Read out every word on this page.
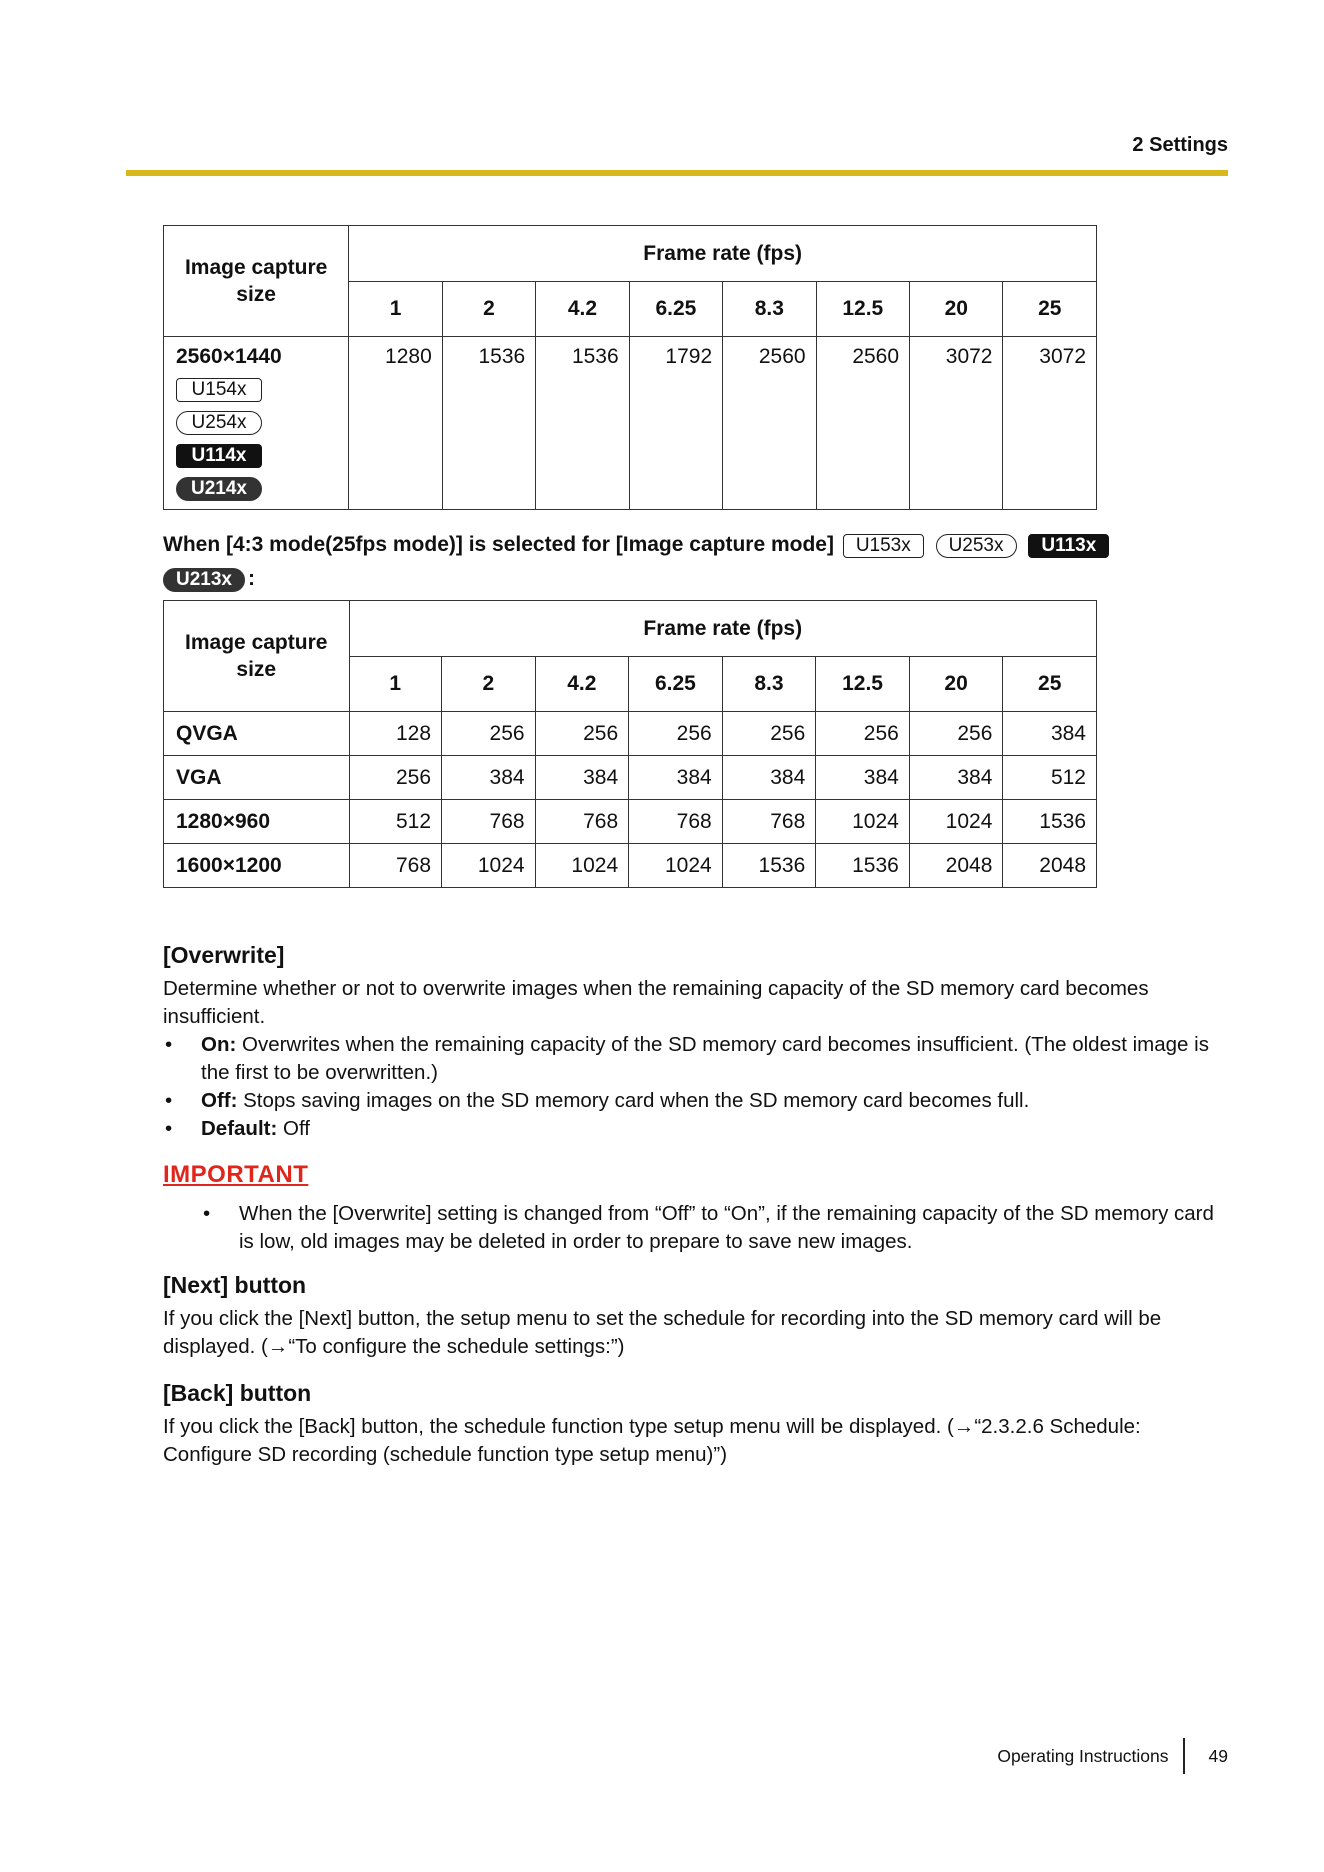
2 Settings
Image capture size	Frame rate (fps)							
	1	2	4.2	6.25	8.3	12.5	20	25

2560×1440
U154x
U254x
U114x
U214x	1280	1536	1536	1792	2560	2560	3072	3072
When [4:3 mode(25fps mode)] is selected for [Image capture mode] U153x U253x U113x
U213x :
Image capture size	Frame rate (fps)							
	1	2	4.2	6.25	8.3	12.5	20	25
QVGA	128	256	256	256	256	256	256	384
VGA	256	384	384	384	384	384	384	512
1280×960	512	768	768	768	768	1024	1024	1536
1600×1200	768	1024	1024	1024	1536	1536	2048	2048
[Overwrite]

Determine whether or not to overwrite images when the remaining capacity of the SD memory card becomes insufficient.

• On: Overwrites when the remaining capacity of the SD memory card becomes insufficient. (The oldest image is the first to be overwritten.)
• Off: Stops saving images on the SD memory card when the SD memory card becomes full.
• Default: Off
IMPORTANT
• When the [Overwrite] setting is changed from “Off” to “On”, if the remaining capacity of the SD memory card is low, old images may be deleted in order to prepare to save new images.
[Next] button

If you click the [Next] button, the setup menu to set the schedule for recording into the SD memory card will be displayed. (→“To configure the schedule settings:”)

[Back] button

If you click the [Back] button, the schedule function type setup menu will be displayed. (→“2.3.2.6 Schedule: Configure SD recording (schedule function type setup menu)”)

Operating Instructions 49
